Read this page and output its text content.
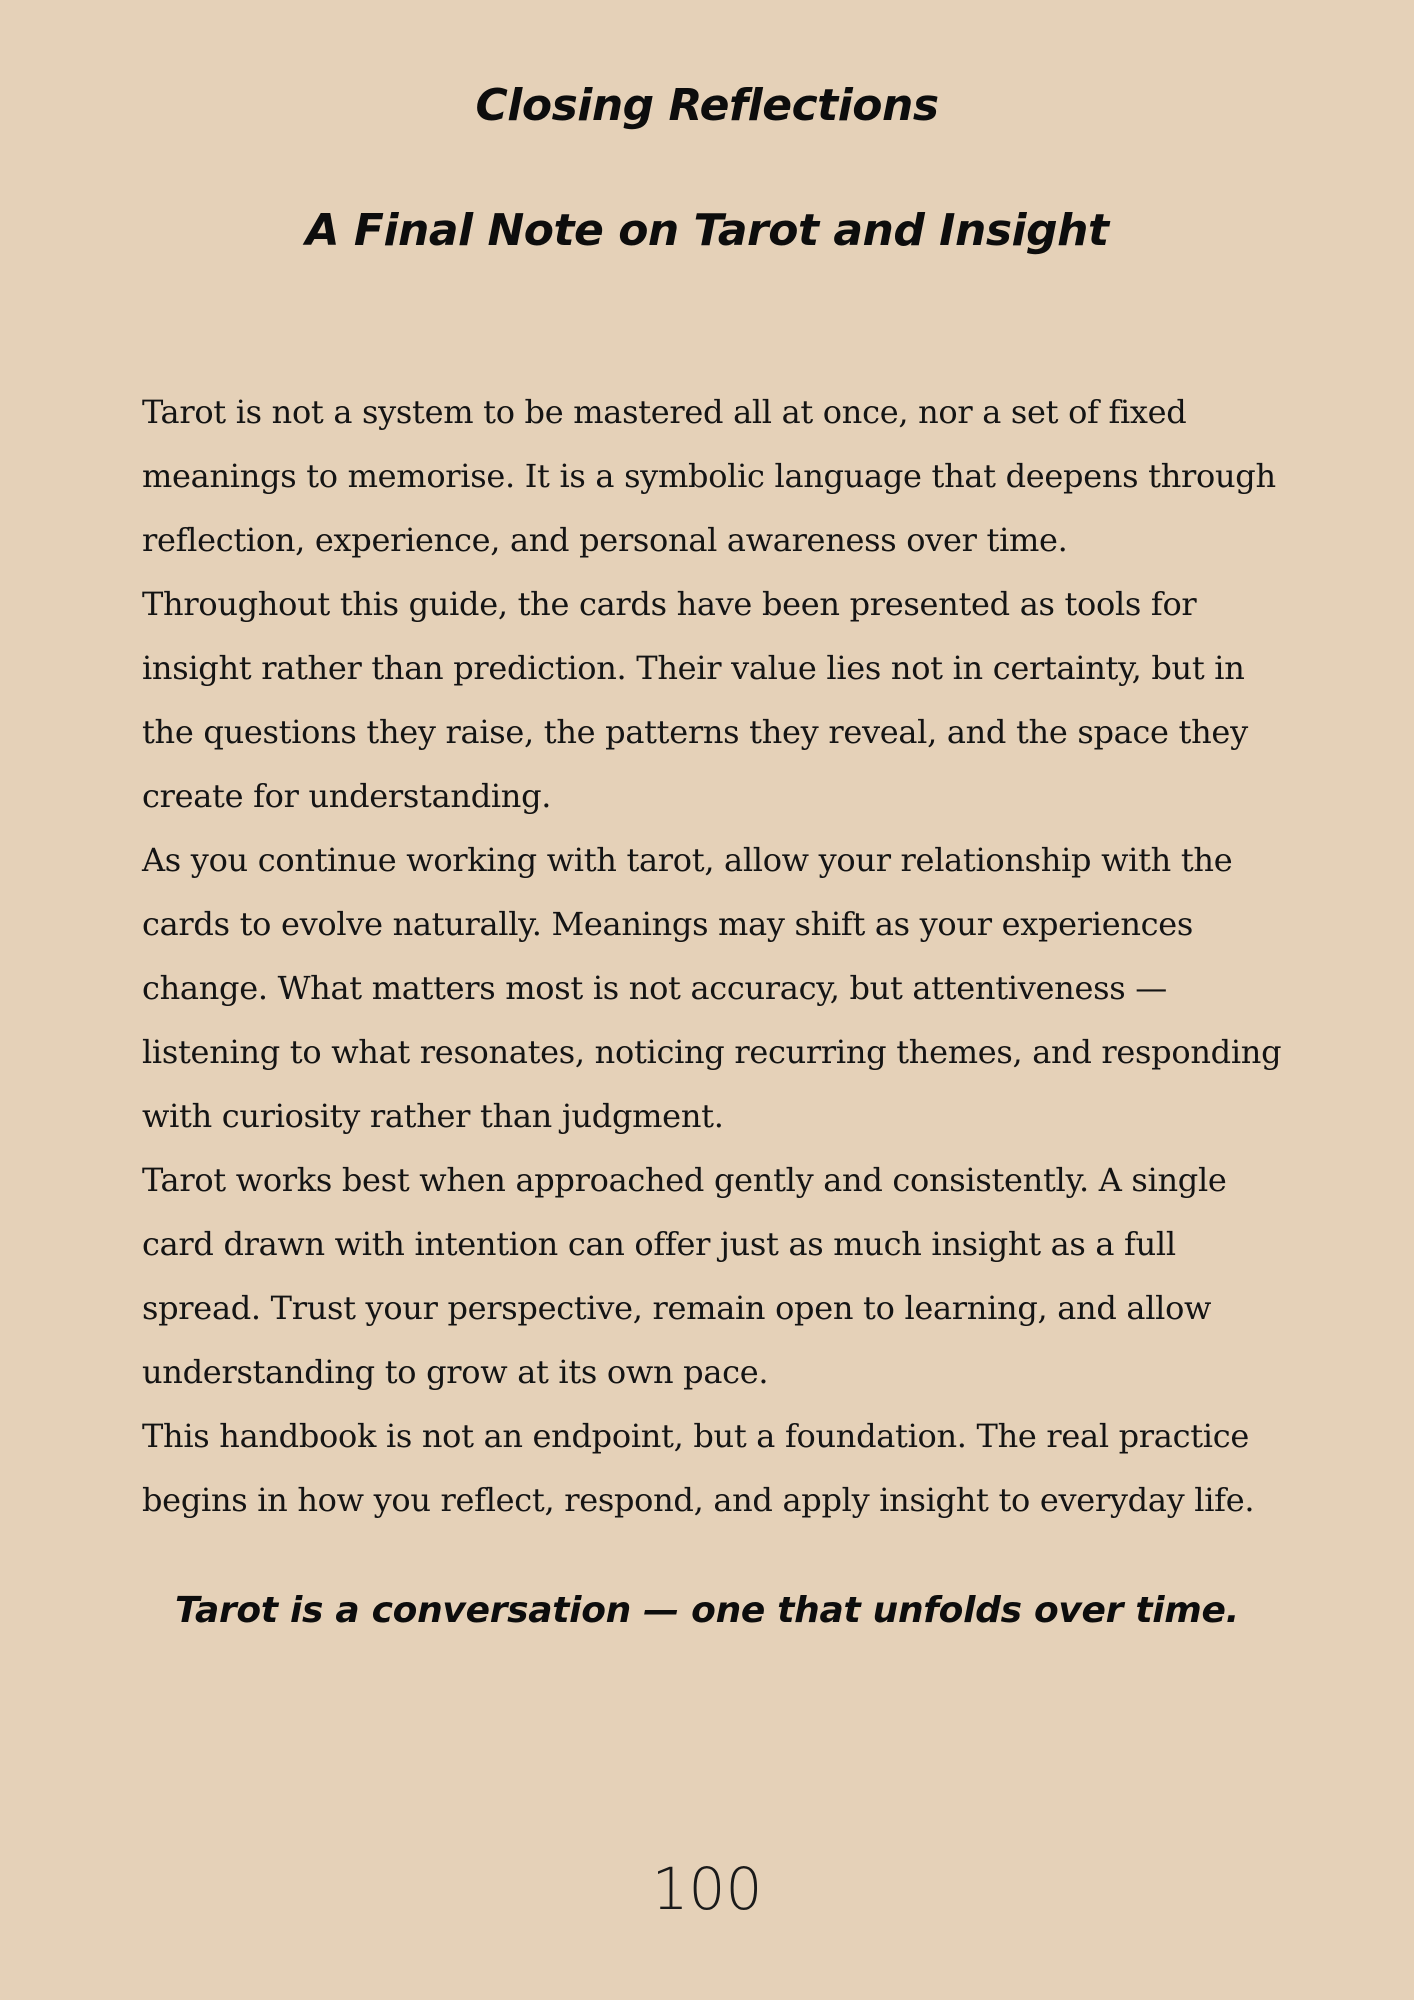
Closing Reflections
A Final Note on Tarot and Insight

Tarot is not a system to be mastered all at once, nor a set of fixed meanings to memorise. It is a symbolic language that deepens through reflection, experience, and personal awareness over time.

Throughout this guide, the cards have been presented as tools for insight rather than prediction. Their value lies not in certainty, but in the questions they raise, the patterns they reveal, and the space they create for understanding.

As you continue working with tarot, allow your relationship with the cards to evolve naturally. Meanings may shift as your experiences change. What matters most is not accuracy, but attentiveness — listening to what resonates, noticing recurring themes, and responding with curiosity rather than judgment.

Tarot works best when approached gently and consistently. A single card drawn with intention can offer just as much insight as a full spread. Trust your perspective, remain open to learning, and allow understanding to grow at its own pace.

This handbook is not an endpoint, but a foundation. The real practice begins in how you reflect, respond, and apply insight to everyday life.

Tarot is a conversation — one that unfolds over time.

100
